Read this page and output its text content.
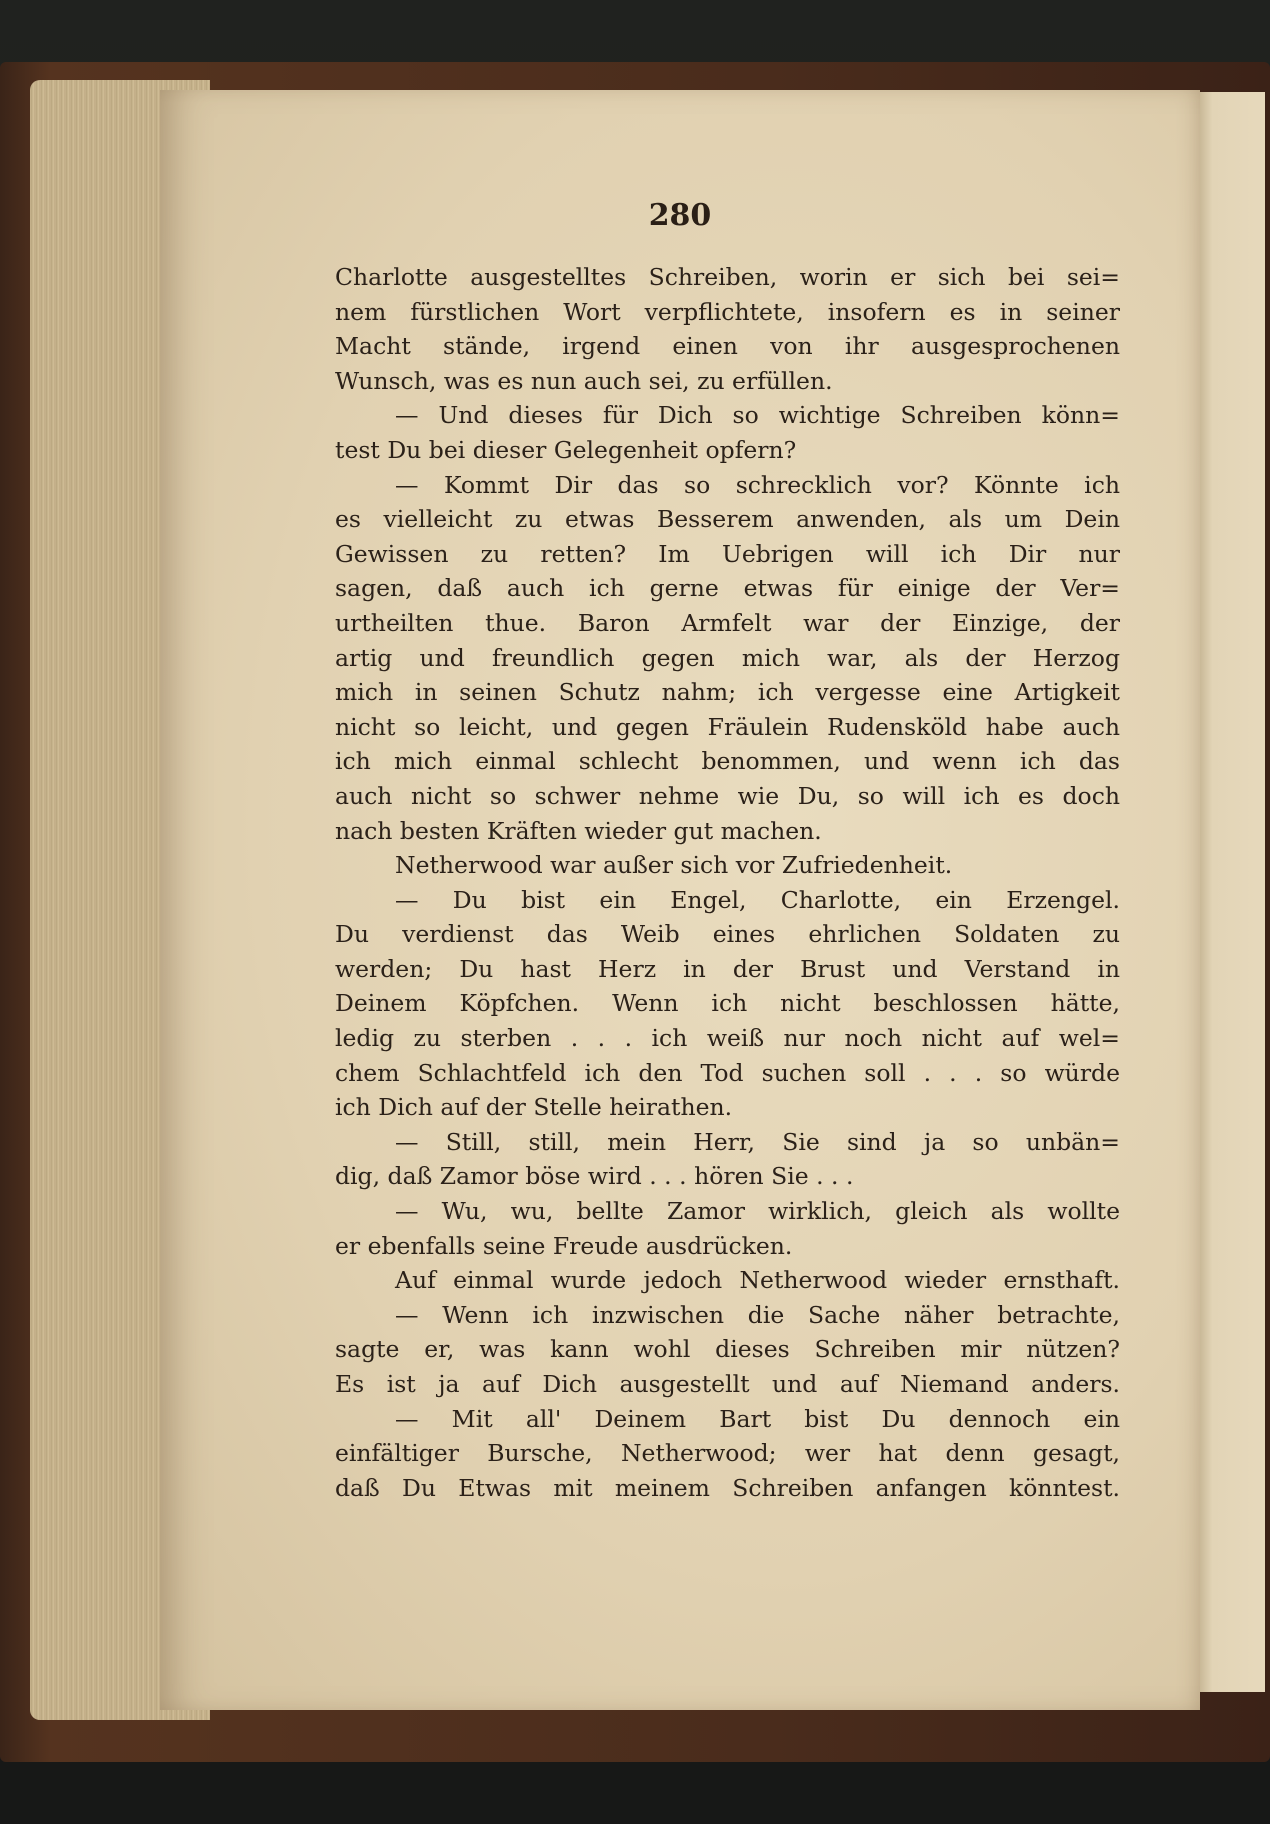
280
Charlotte ausgestelltes Schreiben, worin er sich bei sei=
nem fürstlichen Wort verpflichtete, insofern es in seiner
Macht stände, irgend einen von ihr ausgesprochenen
Wunsch, was es nun auch sei, zu erfüllen.
— Und dieses für Dich so wichtige Schreiben könn=
test Du bei dieser Gelegenheit opfern?
— Kommt Dir das so schrecklich vor? Könnte ich
es vielleicht zu etwas Besserem anwenden, als um Dein
Gewissen zu retten? Im Uebrigen will ich Dir nur
sagen, daß auch ich gerne etwas für einige der Ver=
urtheilten thue. Baron Armfelt war der Einzige, der
artig und freundlich gegen mich war, als der Herzog
mich in seinen Schutz nahm; ich vergesse eine Artigkeit
nicht so leicht, und gegen Fräulein Rudensköld habe auch
ich mich einmal schlecht benommen, und wenn ich das
auch nicht so schwer nehme wie Du, so will ich es doch
nach besten Kräften wieder gut machen.
Netherwood war außer sich vor Zufriedenheit.
— Du bist ein Engel, Charlotte, ein Erzengel.
Du verdienst das Weib eines ehrlichen Soldaten zu
werden; Du hast Herz in der Brust und Verstand in
Deinem Köpfchen. Wenn ich nicht beschlossen hätte,
ledig zu sterben . . . ich weiß nur noch nicht auf wel=
chem Schlachtfeld ich den Tod suchen soll . . . so würde
ich Dich auf der Stelle heirathen.
— Still, still, mein Herr, Sie sind ja so unbän=
dig, daß Zamor böse wird . . . hören Sie . . .
— Wu, wu, bellte Zamor wirklich, gleich als wollte
er ebenfalls seine Freude ausdrücken.
Auf einmal wurde jedoch Netherwood wieder ernsthaft.
— Wenn ich inzwischen die Sache näher betrachte,
sagte er, was kann wohl dieses Schreiben mir nützen?
Es ist ja auf Dich ausgestellt und auf Niemand anders.
— Mit all' Deinem Bart bist Du dennoch ein
einfältiger Bursche, Netherwood; wer hat denn gesagt,
daß Du Etwas mit meinem Schreiben anfangen könntest.
